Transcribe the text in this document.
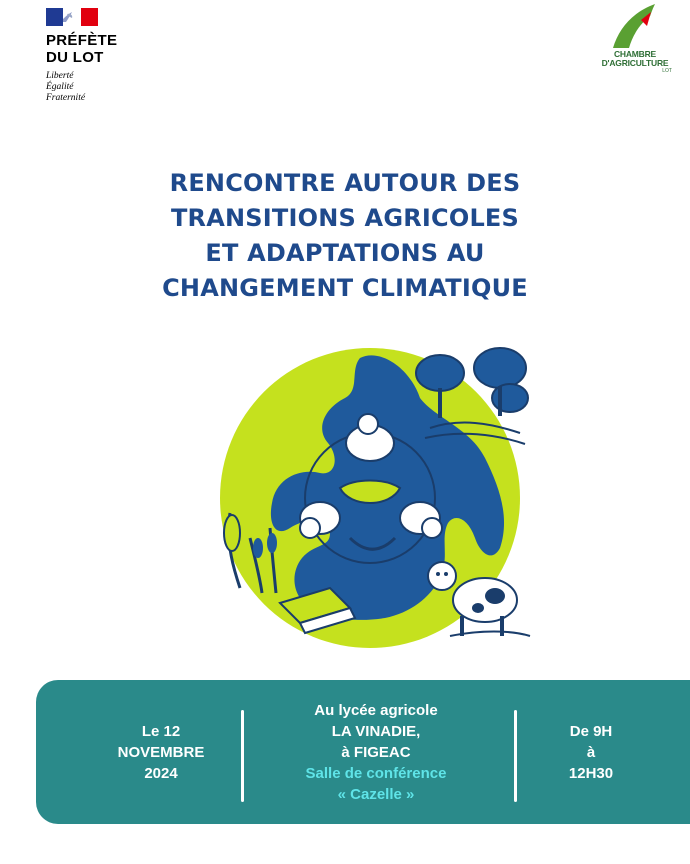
PRÉFÈTE
DU LOT
Liberté
Égalité
Fraternité
CHAMBRE
D'AGRICULTURE
LOT
RENCONTRE AUTOUR DES
TRANSITIONS AGRICOLES
ET ADAPTATIONS AU
CHANGEMENT CLIMATIQUE
Le 12
NOVEMBRE
2024
Au lycée agricole
LA VINADIE,
à FIGEAC
Salle de conférence
« Cazelle »
De 9H
à
12H30
